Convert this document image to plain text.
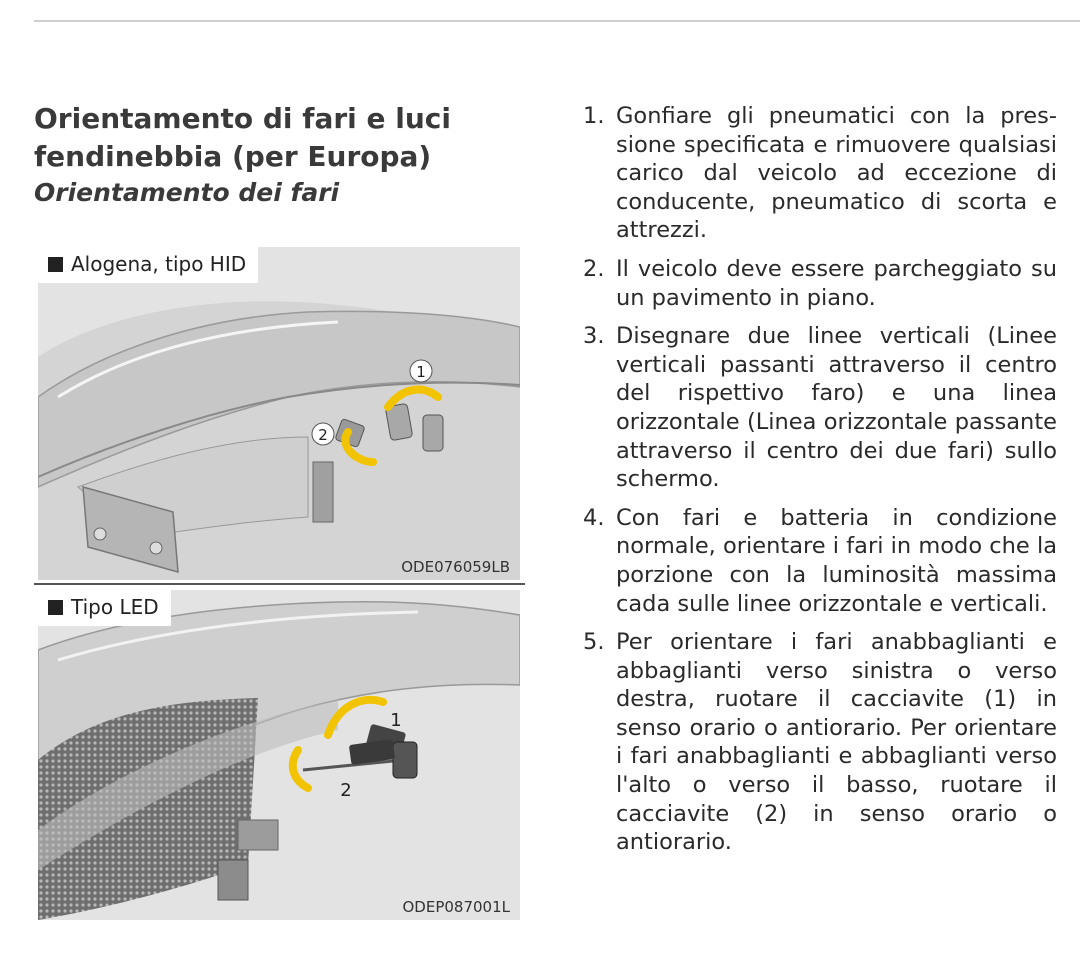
Orientamento di fari e luci fendinebbia (per Europa)
Orientamento dei fari
Alogena, tipo HID
1
2
ODE076059LB
Tipo LED
1
2
ODEP087001L
1. Gonfiare gli pneumatici con la pressione specificata e rimuovere qualsiasi carico dal veicolo ad eccezione di conducente, pneumatico di scorta e attrezzi.
2. Il veicolo deve essere parcheggiato su un pavimento in piano.
3. Disegnare due linee verticali (Linee verticali passanti attraverso il centro del rispettivo faro) e una linea orizzontale (Linea orizzontale passante attraverso il centro dei due fari) sullo schermo.
4. Con fari e batteria in condizione normale, orientare i fari in modo che la porzione con la luminosità massima cada sulle linee orizzontale e verticali.
5. Per orientare i fari anabbaglianti e abbaglianti verso sinistra o verso destra, ruotare il cacciavite (1) in senso orario o antiorario. Per orientare i fari anabbaglianti e abbaglianti verso l'alto o verso il basso, ruotare il cacciavite (2) in senso orario o antiorario.
